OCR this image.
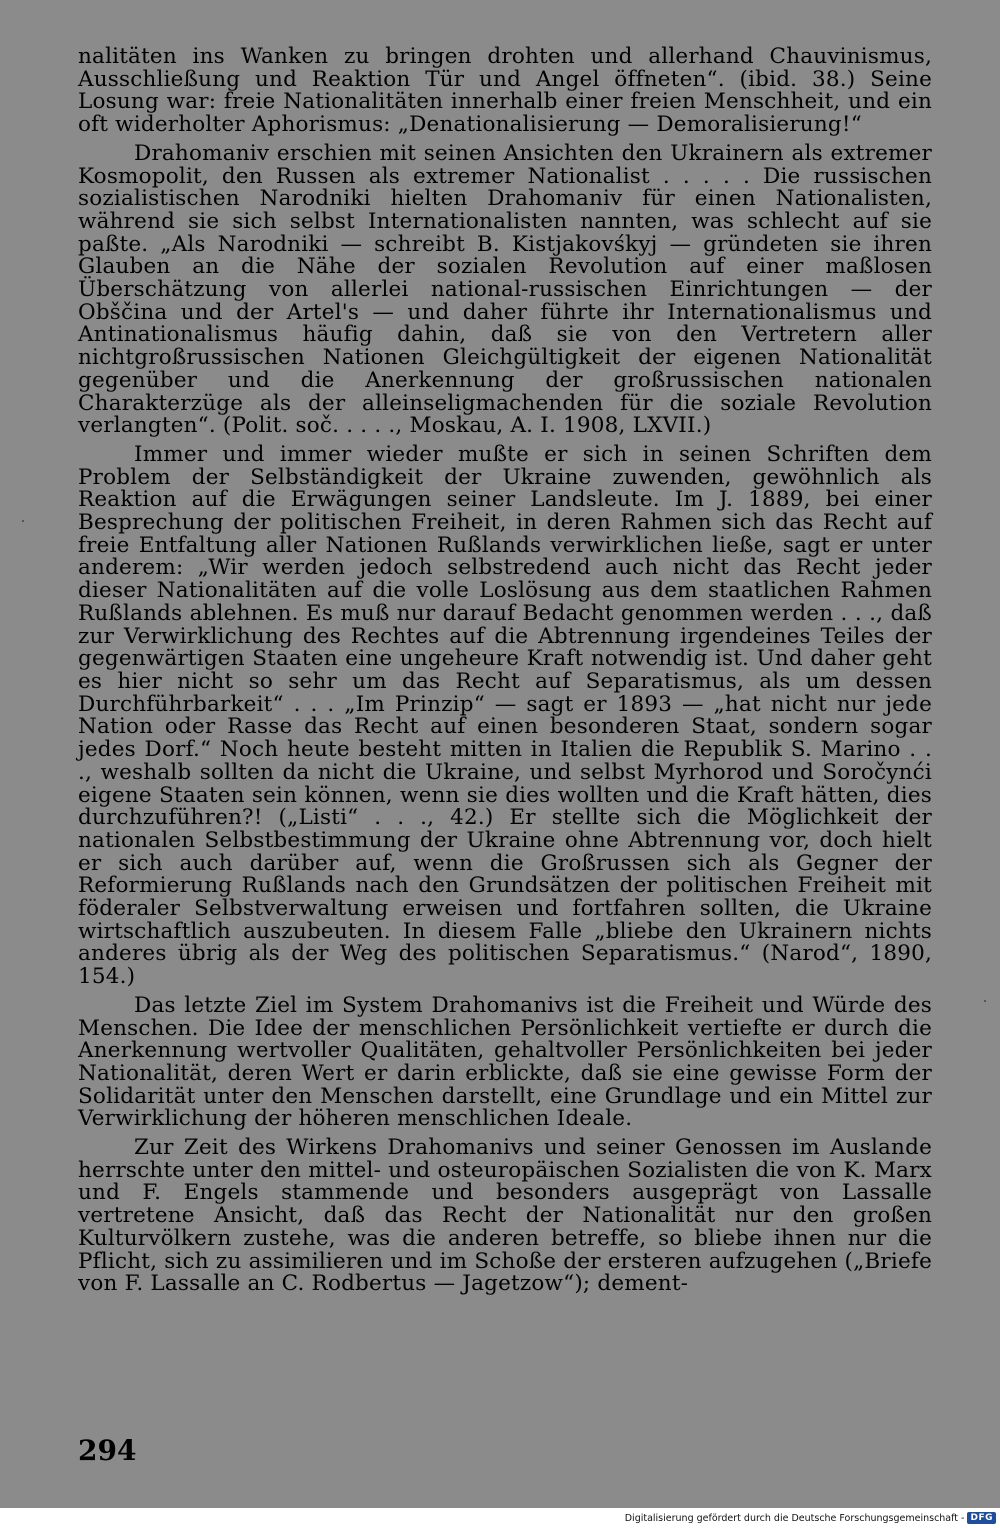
nalitäten ins Wanken zu bringen drohten und allerhand Chauvinismus, Ausschließung und Reaktion Tür und Angel öffneten“. (ibid. 38.) Seine Losung war: freie Nationalitäten innerhalb einer freien Menschheit, und ein oft widerholter Aphorismus: „Denationalisierung — Demoralisierung!“

Drahomaniv erschien mit seinen Ansichten den Ukrainern als extremer Kosmopolit, den Russen als extremer Nationalist . . . . . Die russischen sozialistischen Narodniki hielten Drahomaniv für einen Nationalisten, während sie sich selbst Internationalisten nannten, was schlecht auf sie paßte. „Als Narodniki — schreibt B. Kistjakovśkyj — gründeten sie ihren Glauben an die Nähe der sozialen Revolution auf einer maßlosen Überschätzung von allerlei national-russischen Einrichtungen — der Obščina und der Artel's — und daher führte ihr Internationalismus und Antinationalismus häufig dahin, daß sie von den Vertretern aller nichtgroßrussischen Nationen Gleichgültigkeit der eigenen Nationalität gegenüber und die Anerkennung der großrussischen nationalen Charakterzüge als der alleinseligmachenden für die soziale Revolution verlangten“. (Polit. soč. . . . ., Moskau, A. I. 1908, LXVII.)

Immer und immer wieder mußte er sich in seinen Schriften dem Problem der Selbständigkeit der Ukraine zuwenden, gewöhnlich als Reaktion auf die Erwägungen seiner Landsleute. Im J. 1889, bei einer Besprechung der politischen Freiheit, in deren Rahmen sich das Recht auf freie Entfaltung aller Nationen Rußlands verwirklichen ließe, sagt er unter anderem: „Wir werden jedoch selbstredend auch nicht das Recht jeder dieser Nationalitäten auf die volle Loslösung aus dem staatlichen Rahmen Rußlands ablehnen. Es muß nur darauf Bedacht genommen werden . . ., daß zur Verwirklichung des Rechtes auf die Abtrennung irgendeines Teiles der gegenwärtigen Staaten eine ungeheure Kraft notwendig ist. Und daher geht es hier nicht so sehr um das Recht auf Separatismus, als um dessen Durchführbarkeit“ . . . „Im Prinzip“ — sagt er 1893 — „hat nicht nur jede Nation oder Rasse das Recht auf einen besonderen Staat, sondern sogar jedes Dorf.“ Noch heute besteht mitten in Italien die Republik S. Marino . . ., weshalb sollten da nicht die Ukraine, und selbst Myrhorod und Soročynći eigene Staaten sein können, wenn sie dies wollten und die Kraft hätten, dies durchzuführen?! („Listi“ . . ., 42.) Er stellte sich die Möglichkeit der nationalen Selbstbestimmung der Ukraine ohne Abtrennung vor, doch hielt er sich auch darüber auf, wenn die Großrussen sich als Gegner der Reformierung Rußlands nach den Grundsätzen der politischen Freiheit mit föderaler Selbstverwaltung erweisen und fortfahren sollten, die Ukraine wirtschaftlich auszubeuten. In diesem Falle „bliebe den Ukrainern nichts anderes übrig als der Weg des politischen Separatismus.“ (Narod“, 1890, 154.)

Das letzte Ziel im System Drahomanivs ist die Freiheit und Würde des Menschen. Die Idee der menschlichen Persönlichkeit vertiefte er durch die Anerkennung wertvoller Qualitäten, gehaltvoller Persönlichkeiten bei jeder Nationalität, deren Wert er darin erblickte, daß sie eine gewisse Form der Solidarität unter den Menschen darstellt, eine Grundlage und ein Mittel zur Verwirklichung der höheren menschlichen Ideale.

Zur Zeit des Wirkens Drahomanivs und seiner Genossen im Auslande herrschte unter den mittel- und osteuropäischen Sozialisten die von K. Marx und F. Engels stammende und besonders ausgeprägt von Lassalle vertretene Ansicht, daß das Recht der Nationalität nur den großen Kulturvölkern zustehe, was die anderen betreffe, so bliebe ihnen nur die Pflicht, sich zu assimilieren und im Schoße der ersteren aufzugehen („Briefe von F. Lassalle an C. Rodbertus — Jagetzow“); dement-

294
Digitalisierung gefördert durch die Deutsche Forschungsgemeinschaft - DFG
